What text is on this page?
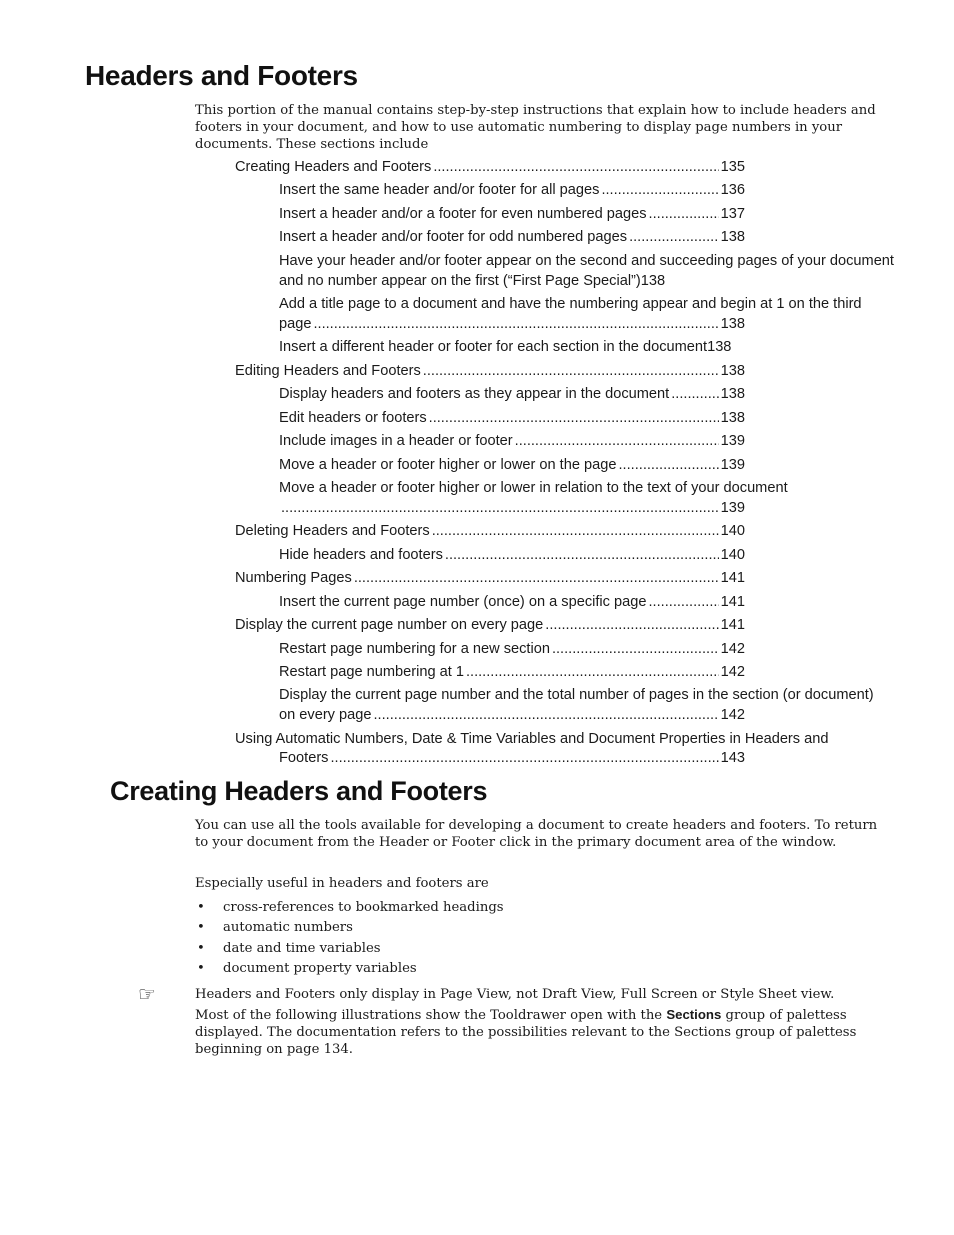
Headers and Footers

This portion of the manual contains step-by-step instructions that explain how to include headers and footers in your document, and how to use automatic numbering to display page numbers in your documents. These sections include

Creating Headers and Footers .....	135
Insert the same header and/or footer for all pages .....	136
Insert a header and/or a footer for even numbered pages .....	137
Insert a header and/or footer for odd numbered pages .....	138
Have your header and/or footer appear on the second and succeeding pages of your document and no number appear on the first (“First Page Special”)138
Add a title page to a document and have the numbering appear and begin at 1 on the third
page .....	138
Insert a different header or footer for each section in the document138
Editing Headers and Footers .....	138
Display headers and footers as they appear in the document .....	138
Edit headers or footers .....	138
Include images in a header or footer .....	139
Move a header or footer higher or lower on the page .....	139
Move a header or footer higher or lower in relation to the text of your document
.....
139
Deleting Headers and Footers .....	140
Hide headers and footers .....	140
Numbering Pages .....	141
Insert the current page number (once) on a specific page .....	141
Display the current page number on every page .....	141
Restart page numbering for a new section .....	142
Restart page numbering at 1 .....	142
Display the current page number and the total number of pages in the section (or document)
on every page .....	142
Using Automatic Numbers, Date & Time Variables and Document Properties in Headers and
Footers .....	143
Creating Headers and Footers

You can use all the tools available for developing a document to create headers and footers. To return to your document from the Header or Footer click in the primary document area of the window.

Especially useful in headers and footers are

• cross-references to bookmarked headings
• automatic numbers
• date and time variables
• document property variables
☞	Headers and Footers only display in Page View, not Draft View, Full Screen or Style Sheet view.

Most of the following illustrations show the Tooldrawer open with the Sections group of palettess displayed. The documentation refers to the possibilities relevant to the Sections group of palettess beginning on page 134.
